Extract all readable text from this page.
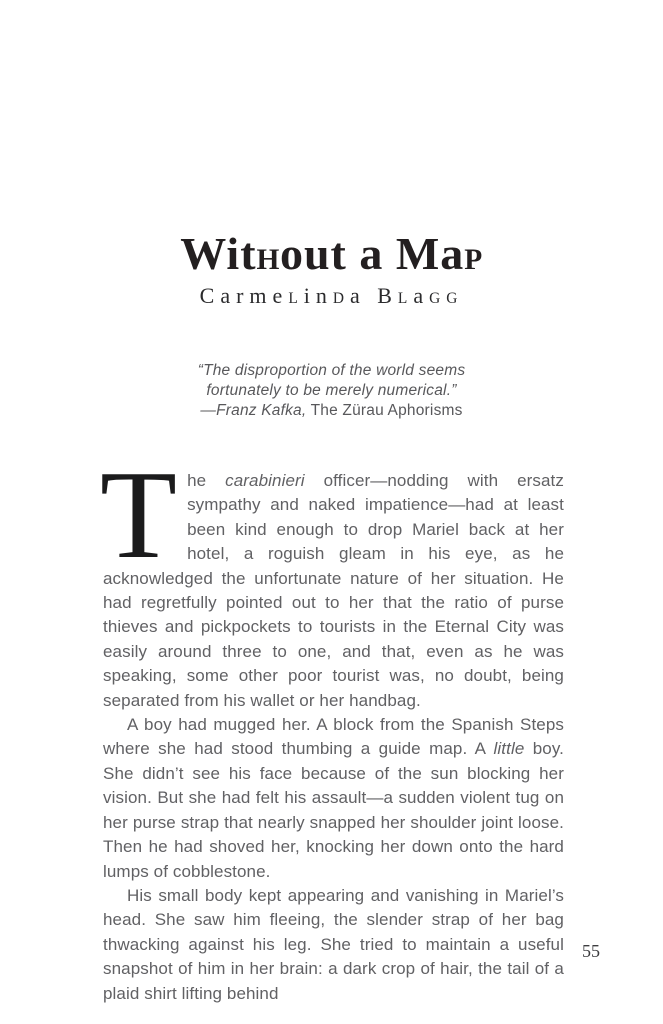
WitHout a MaP
CarmeLinDa BLaGG
“The disproportion of the world seems
fortunately to be merely numerical.”
—Franz Kafka, The Zürau Aphorisms

The carabinieri officer—nodding with ersatz sympathy and naked impatience—had at least been kind enough to drop Mariel back at her hotel, a roguish gleam in his eye, as he acknowledged the unfortunate nature of her situation. He had regretfully pointed out to her that the ratio of purse thieves and pickpockets to tourists in the Eternal City was easily around three to one, and that, even as he was speaking, some other poor tourist was, no doubt, being separated from his wallet or her handbag.

A boy had mugged her. A block from the Spanish Steps where she had stood thumbing a guide map. A little boy. She didn’t see his face because of the sun blocking her vision. But she had felt his assault—a sudden violent tug on her purse strap that nearly snapped her shoulder joint loose. Then he had shoved her, knocking her down onto the hard lumps of cobblestone.

His small body kept appearing and vanishing in Mariel’s head. She saw him fleeing, the slender strap of her bag thwacking against his leg. She tried to maintain a useful snapshot of him in her brain: a dark crop of hair, the tail of a plaid shirt lifting behind

55
